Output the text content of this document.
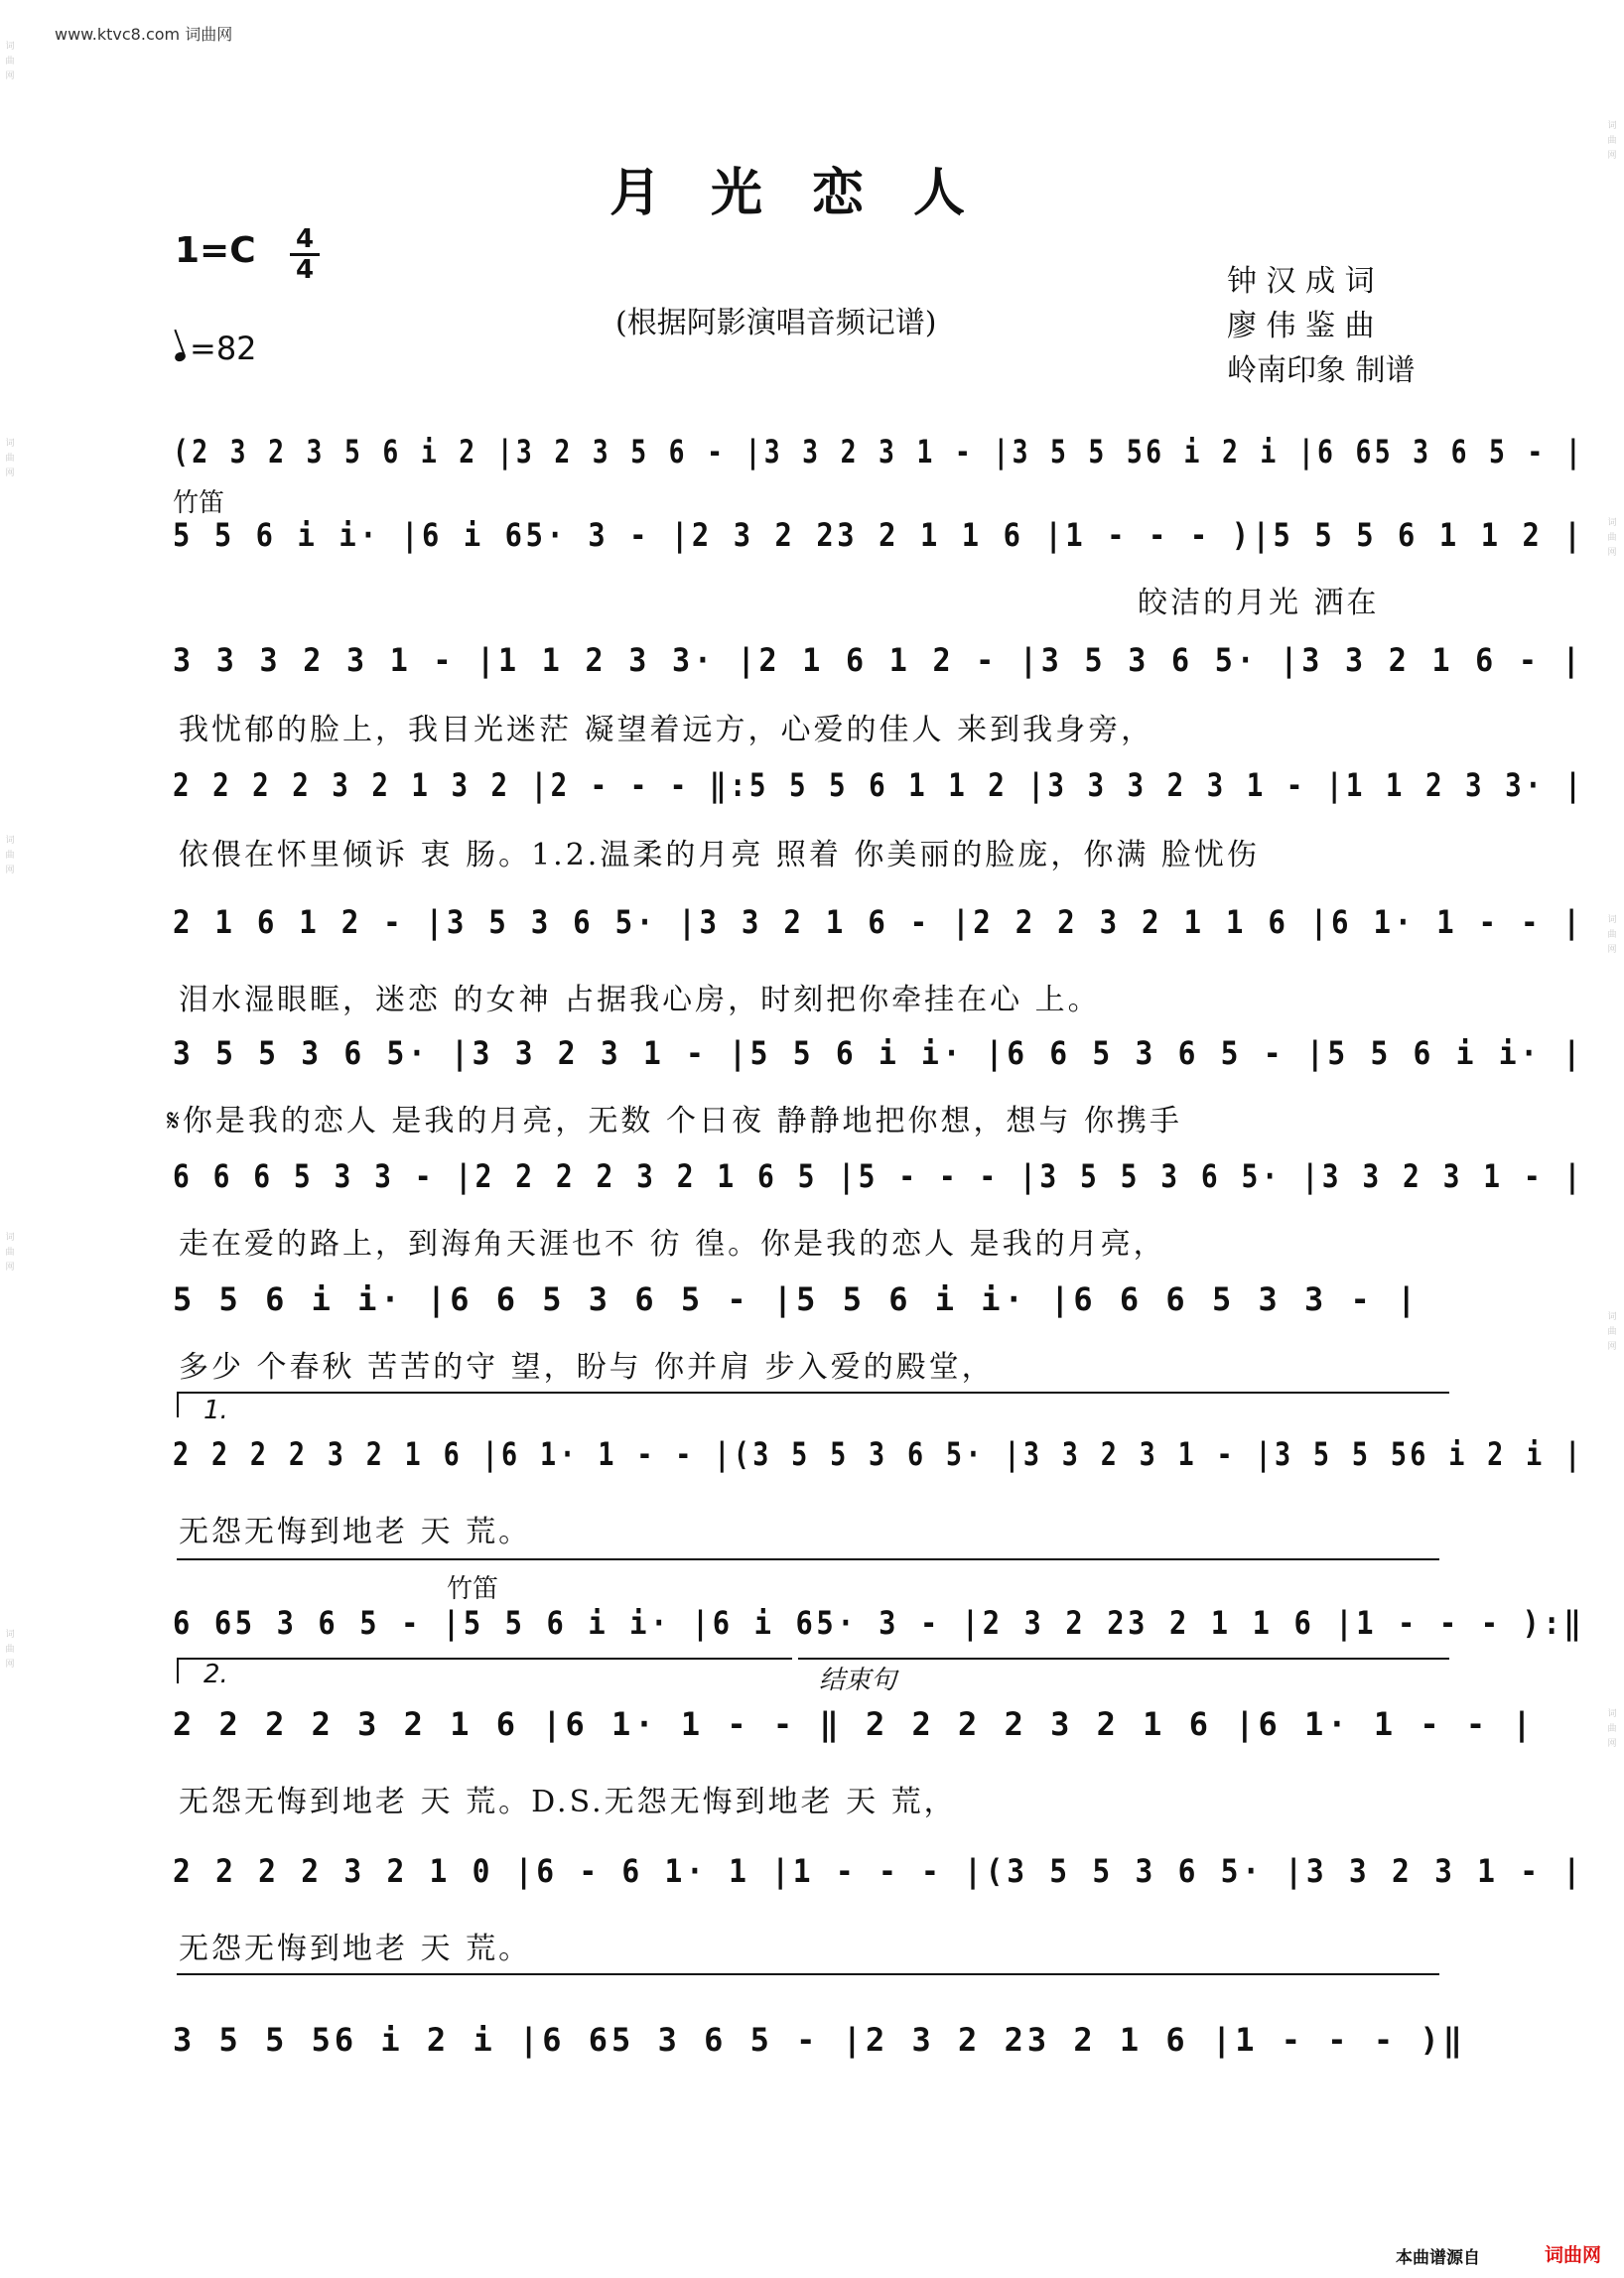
www.ktvc8.com 词曲网
词曲网
词曲网
词曲网
词曲网
词曲网
词曲网
词曲网
词曲网
词曲网
词曲网
月光恋人
1=C 4
4
=82
(根据阿影演唱音频记谱)
钟 汉 成 词
廖 伟 鉴 曲
岭南印象 制谱
竹笛
竹笛
1.
2.	结束句
(2 3 2 3 5 6 i 2 |3 2 3 5 6 - |3 3 2 3 1 - |3 5 5 56 i 2 i |6 65 3 6 5 - |
5 5 6 i i· |6 i 65· 3 - |2 3 2 23 2 1 1 6 |1 - - - )|5 5 5 6 1 1 2 |
皎洁的月光 洒在
3 3 3 2 3 1 - |1 1 2 3 3· |2 1 6 1 2 - |3 5 3 6 5· |3 3 2 1 6 - |
我忧郁的脸上，我目光迷茫 凝望着远方，心爱的佳人 来到我身旁，
2 2 2 2 3 2 1 3 2 |2 - - - ‖:5 5 5 6 1 1 2 |3 3 3 2 3 1 - |1 1 2 3 3· |
依偎在怀里倾诉 衷 肠。1.2.温柔的月亮 照着 你美丽的脸庞，你满 脸忧伤
2 1 6 1 2 - |3 5 3 6 5· |3 3 2 1 6 - |2 2 2 3 2 1 1 6 |6 1· 1 - - |
泪水湿眼眶，迷恋 的女神 占据我心房，时刻把你牵挂在心 上。
3 5 5 3 6 5· |3 3 2 3 1 - |5 5 6 i i· |6 6 5 3 6 5 - |5 5 6 i i· |
𝄋你是我的恋人 是我的月亮，无数 个日夜 静静地把你想，想与 你携手
6 6 6 5 3 3 - |2 2 2 2 3 2 1 6 5 |5 - - - |3 5 5 3 6 5· |3 3 2 3 1 - |
走在爱的路上，到海角天涯也不 彷 徨。你是我的恋人 是我的月亮，
5 5 6 i i· |6 6 5 3 6 5 - |5 5 6 i i· |6 6 6 5 3 3 - |
多少 个春秋 苦苦的守 望，盼与 你并肩 步入爱的殿堂，
2 2 2 2 3 2 1 6 |6 1· 1 - - |(3 5 5 3 6 5· |3 3 2 3 1 - |3 5 5 56 i 2 i |
无怨无悔到地老 天 荒。
6 65 3 6 5 - |5 5 6 i i· |6 i 65· 3 - |2 3 2 23 2 1 1 6 |1 - - - ):‖
2 2 2 2 3 2 1 6 |6 1· 1 - - ‖ 2 2 2 2 3 2 1 6 |6 1· 1 - - |
无怨无悔到地老 天 荒。D.S.无怨无悔到地老 天 荒，
2 2 2 2 3 2 1 0 |6 - 6 1· 1 |1 - - - |(3 5 5 3 6 5· |3 3 2 3 1 - |
无怨无悔到地老 天 荒。
3 5 5 56 i 2 i |6 65 3 6 5 - |2 3 2 23 2 1 6 |1 - - - )‖
本曲谱源自	词曲网
